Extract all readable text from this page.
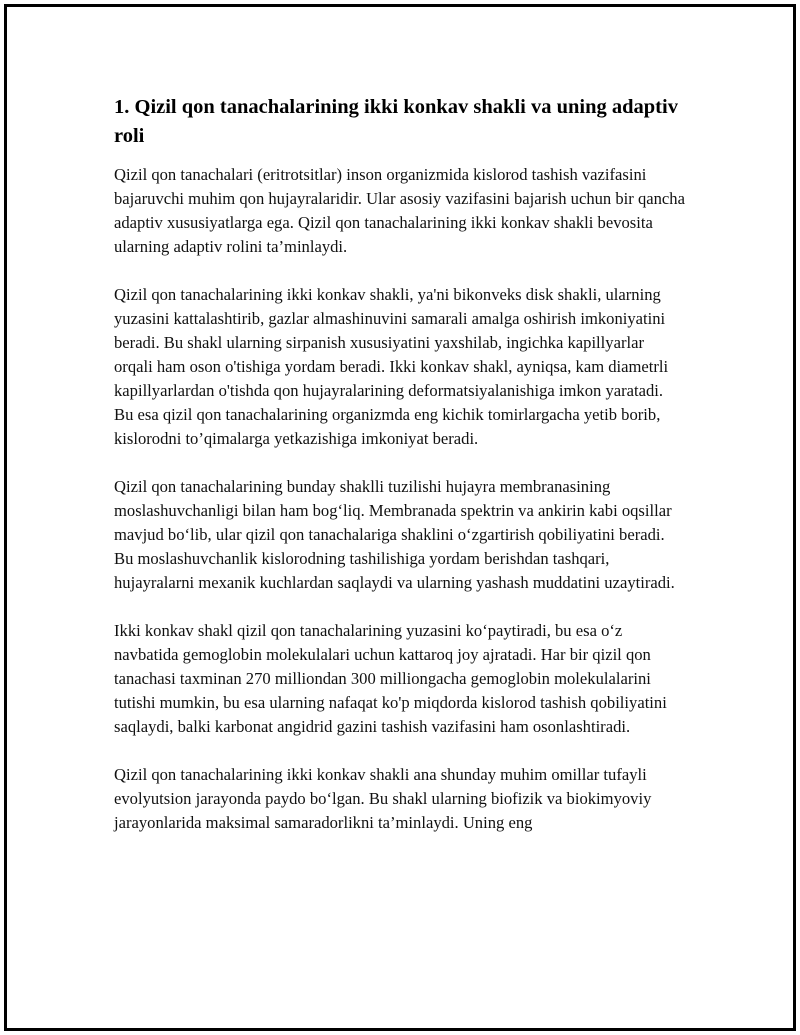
1. Qizil qon tanachalarining ikki konkav shakli va uning adaptiv roli

Qizil qon tanachalari (eritrotsitlar) inson organizmida kislorod tashish vazifasini bajaruvchi muhim qon hujayralaridir. Ular asosiy vazifasini bajarish uchun bir qancha adaptiv xususiyatlarga ega. Qizil qon tanachalarining ikki konkav shakli bevosita ularning adaptiv rolini ta’minlaydi.

Qizil qon tanachalarining ikki konkav shakli, ya'ni bikonveks disk shakli, ularning yuzasini kattalashtirib, gazlar almashinuvini samarali amalga oshirish imkoniyatini beradi. Bu shakl ularning sirpanish xususiyatini yaxshilab, ingichka kapillyarlar orqali ham oson o'tishiga yordam beradi. Ikki konkav shakl, ayniqsa, kam diametrli kapillyarlardan o'tishda qon hujayralarining deformatsiyalanishiga imkon yaratadi. Bu esa qizil qon tanachalarining organizmda eng kichik tomirlargacha yetib borib, kislorodni to’qimalarga yetkazishiga imkoniyat beradi.

Qizil qon tanachalarining bunday shaklli tuzilishi hujayra membranasining moslashuvchanligi bilan ham bog‘liq. Membranada spektrin va ankirin kabi oqsillar mavjud bo‘lib, ular qizil qon tanachalariga shaklini o‘zgartirish qobiliyatini beradi. Bu moslashuvchanlik kislorodning tashilishiga yordam berishdan tashqari, hujayralarni mexanik kuchlardan saqlaydi va ularning yashash muddatini uzaytiradi.

Ikki konkav shakl qizil qon tanachalarining yuzasini ko‘paytiradi, bu esa o‘z navbatida gemoglobin molekulalari uchun kattaroq joy ajratadi. Har bir qizil qon tanachasi taxminan 270 milliondan 300 milliongacha gemoglobin molekulalarini tutishi mumkin, bu esa ularning nafaqat ko'p miqdorda kislorod tashish qobiliyatini saqlaydi, balki karbonat angidrid gazini tashish vazifasini ham osonlashtiradi.

Qizil qon tanachalarining ikki konkav shakli ana shunday muhim omillar tufayli evolyutsion jarayonda paydo bo‘lgan. Bu shakl ularning biofizik va biokimyoviy jarayonlarida maksimal samaradorlikni ta’minlaydi. Uning eng
